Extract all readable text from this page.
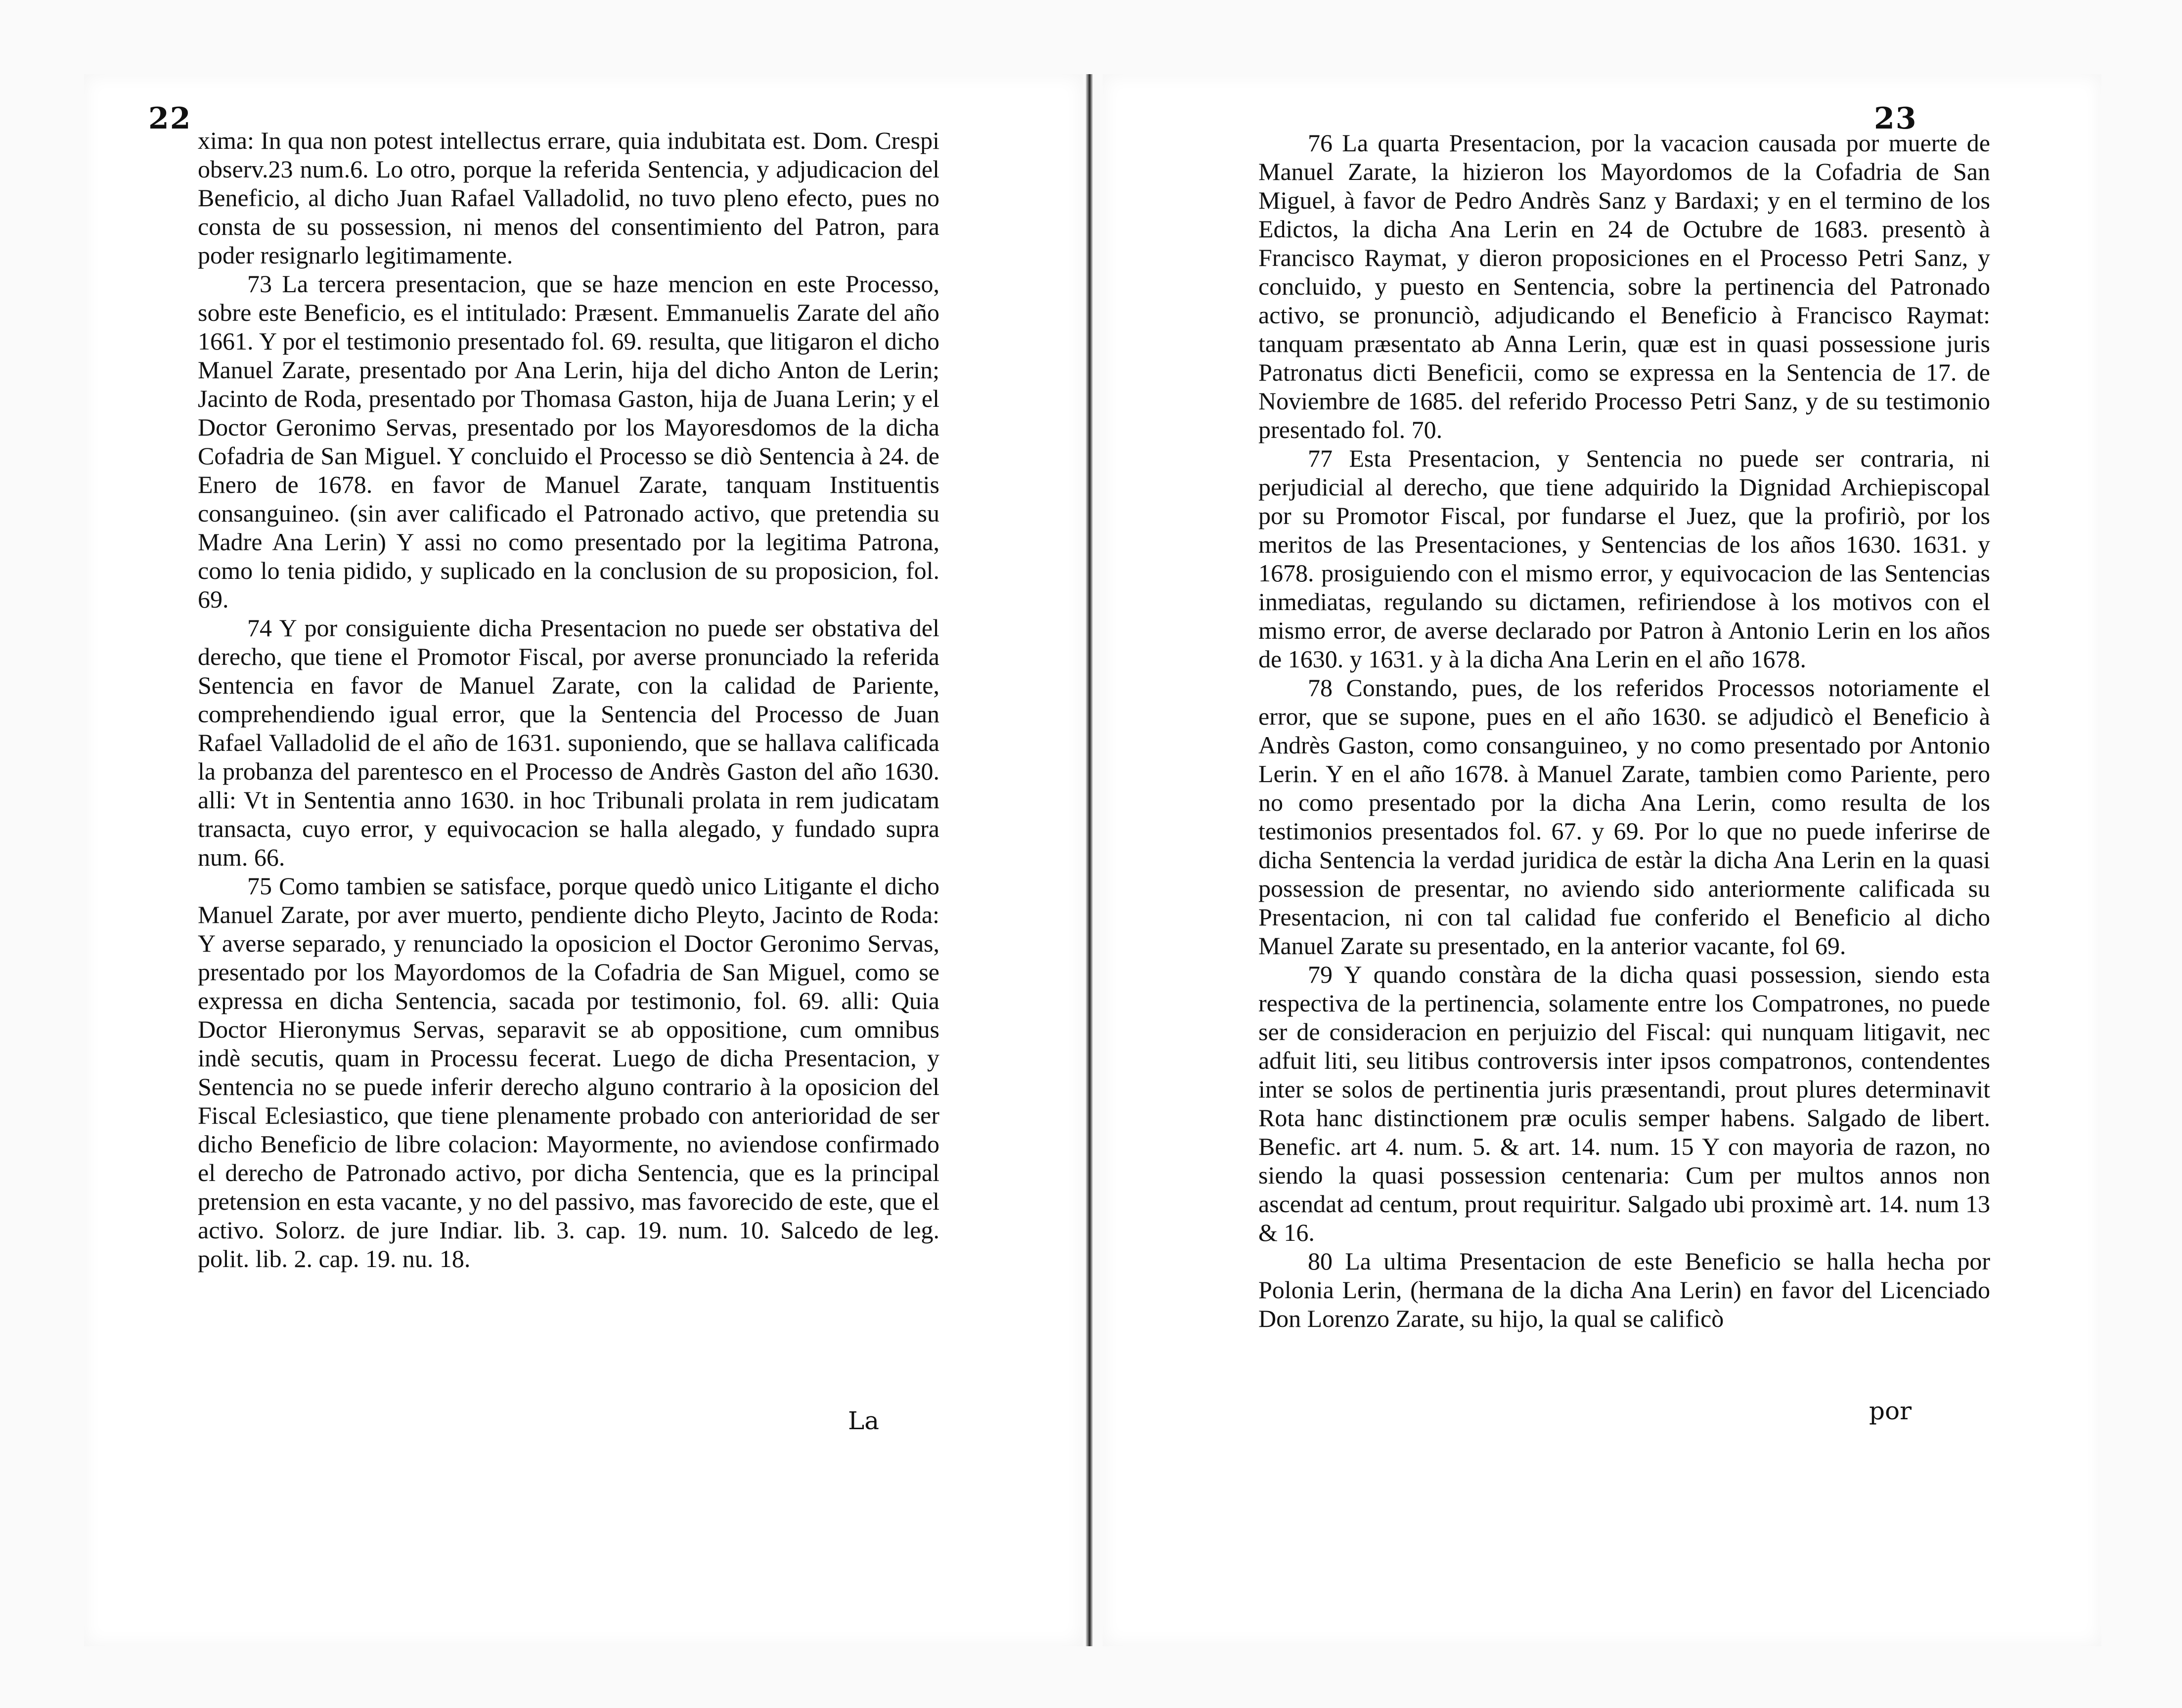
22

xima: In qua non potest intellectus errare, quia indubitata est. Dom. Crespi observ.23 num.6. Lo otro, porque la referida Sentencia, y adjudicacion del Beneficio, al dicho Juan Rafael Valladolid, no tuvo pleno efecto, pues no consta de su possession, ni menos del consentimiento del Patron, para poder resignarlo legitimamente.

73 La tercera presentacion, que se haze mencion en este Processo, sobre este Beneficio, es el intitulado: Præsent. Emmanuelis Zarate del año 1661. Y por el testimonio presentado fol. 69. resulta, que litigaron el dicho Manuel Zarate, presentado por Ana Lerin, hija del dicho Anton de Lerin; Jacinto de Roda, presentado por Thomasa Gaston, hija de Juana Lerin; y el Doctor Geronimo Servas, presentado por los Mayoresdomos de la dicha Cofadria de San Miguel. Y concluido el Processo se diò Sentencia à 24. de Enero de 1678. en favor de Manuel Zarate, tanquam Instituentis consanguineo. (sin aver calificado el Patronado activo, que pretendia su Madre Ana Lerin) Y assi no como presentado por la legitima Patrona, como lo tenia pidido, y suplicado en la conclusion de su proposicion, fol. 69.

74 Y por consiguiente dicha Presentacion no puede ser obstativa del derecho, que tiene el Promotor Fiscal, por averse pronunciado la referida Sentencia en favor de Manuel Zarate, con la calidad de Pariente, comprehendiendo igual error, que la Sentencia del Processo de Juan Rafael Valladolid de el año de 1631. suponiendo, que se hallava calificada la probanza del parentesco en el Processo de Andrès Gaston del año 1630. alli: Vt in Sententia anno 1630. in hoc Tribunali prolata in rem judicatam transacta, cuyo error, y equivocacion se halla alegado, y fundado supra num. 66.

75 Como tambien se satisface, porque quedò unico Litigante el dicho Manuel Zarate, por aver muerto, pendiente dicho Pleyto, Jacinto de Roda: Y averse separado, y renunciado la oposicion el Doctor Geronimo Servas, presentado por los Mayordomos de la Cofadria de San Miguel, como se expressa en dicha Sentencia, sacada por testimonio, fol. 69. alli: Quia Doctor Hieronymus Servas, separavit se ab oppositione, cum omnibus indè secutis, quam in Processu fecerat. Luego de dicha Presentacion, y Sentencia no se puede inferir derecho alguno contrario à la oposicion del Fiscal Eclesiastico, que tiene plenamente probado con anterioridad de ser dicho Beneficio de libre colacion: Mayormente, no aviendose confirmado el derecho de Patronado activo, por dicha Sentencia, que es la principal pretension en esta vacante, y no del passivo, mas favorecido de este, que el activo. Solorz. de jure Indiar. lib. 3. cap. 19. num. 10. Salcedo de leg. polit. lib. 2. cap. 19. nu. 18.

La
23

76 La quarta Presentacion, por la vacacion causada por muerte de Manuel Zarate, la hizieron los Mayordomos de la Cofadria de San Miguel, à favor de Pedro Andrès Sanz y Bardaxi; y en el termino de los Edictos, la dicha Ana Lerin en 24 de Octubre de 1683. presentò à Francisco Raymat, y dieron proposiciones en el Processo Petri Sanz, y concluido, y puesto en Sentencia, sobre la pertinencia del Patronado activo, se pronunciò, adjudicando el Beneficio à Francisco Raymat: tanquam præsentato ab Anna Lerin, quæ est in quasi possessione juris Patronatus dicti Beneficii, como se expressa en la Sentencia de 17. de Noviembre de 1685. del referido Processo Petri Sanz, y de su testimonio presentado fol. 70.

77 Esta Presentacion, y Sentencia no puede ser contraria, ni perjudicial al derecho, que tiene adquirido la Dignidad Archiepiscopal por su Promotor Fiscal, por fundarse el Juez, que la profiriò, por los meritos de las Presentaciones, y Sentencias de los años 1630. 1631. y 1678. prosiguiendo con el mismo error, y equivocacion de las Sentencias inmediatas, regulando su dictamen, refiriendose à los motivos con el mismo error, de averse declarado por Patron à Antonio Lerin en los años de 1630. y 1631. y à la dicha Ana Lerin en el año 1678.

78 Constando, pues, de los referidos Processos notoriamente el error, que se supone, pues en el año 1630. se adjudicò el Beneficio à Andrès Gaston, como consanguineo, y no como presentado por Antonio Lerin. Y en el año 1678. à Manuel Zarate, tambien como Pariente, pero no como presentado por la dicha Ana Lerin, como resulta de los testimonios presentados fol. 67. y 69. Por lo que no puede inferirse de dicha Sentencia la verdad juridica de estàr la dicha Ana Lerin en la quasi possession de presentar, no aviendo sido anteriormente calificada su Presentacion, ni con tal calidad fue conferido el Beneficio al dicho Manuel Zarate su presentado, en la anterior vacante, fol 69.

79 Y quando constàra de la dicha quasi possession, siendo esta respectiva de la pertinencia, solamente entre los Compatrones, no puede ser de consideracion en perjuizio del Fiscal: qui nunquam litigavit, nec adfuit liti, seu litibus controversis inter ipsos compatronos, contendentes inter se solos de pertinentia juris præsentandi, prout plures determinavit Rota hanc distinctionem præ oculis semper habens. Salgado de libert. Benefic. art 4. num. 5. & art. 14. num. 15 Y con mayoria de razon, no siendo la quasi possession centenaria: Cum per multos annos non ascendat ad centum, prout requiritur. Salgado ubi proximè art. 14. num 13 & 16.

80 La ultima Presentacion de este Beneficio se halla hecha por Polonia Lerin, (hermana de la dicha Ana Lerin) en favor del Licenciado Don Lorenzo Zarate, su hijo, la qual se calificò

por
